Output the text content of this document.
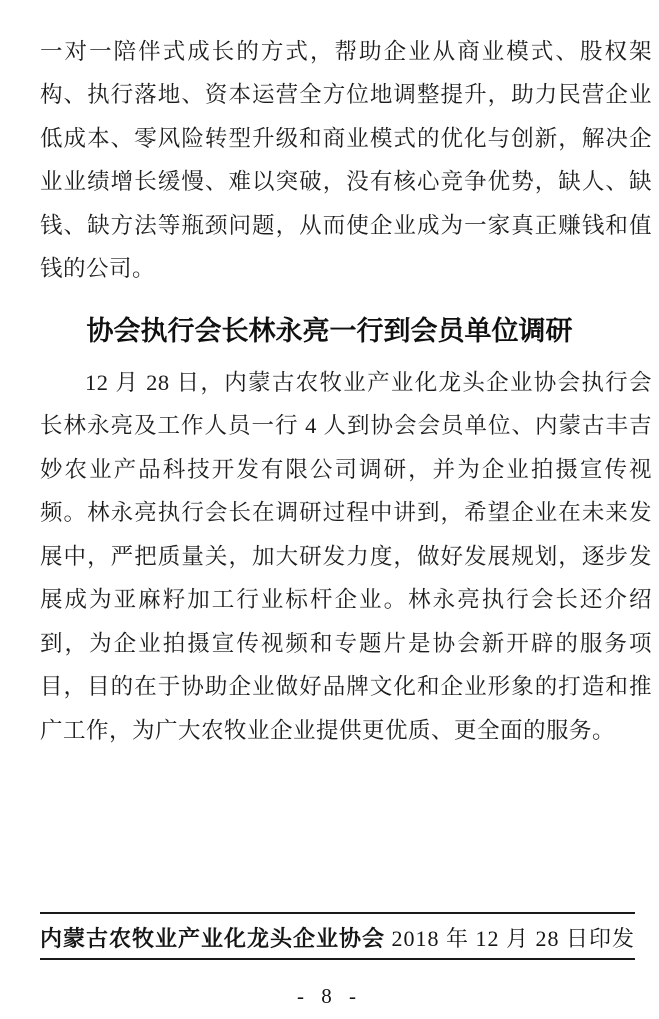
一对一陪伴式成长的方式，帮助企业从商业模式、股权架构、执行落地、资本运营全方位地调整提升，助力民营企业低成本、零风险转型升级和商业模式的优化与创新，解决企业业绩增长缓慢、难以突破，没有核心竞争优势，缺人、缺钱、缺方法等瓶颈问题，从而使企业成为一家真正赚钱和值钱的公司。

协会执行会长林永亮一行到会员单位调研

12 月 28 日，内蒙古农牧业产业化龙头企业协会执行会长林永亮及工作人员一行 4 人到协会会员单位、内蒙古丰吉妙农业产品科技开发有限公司调研，并为企业拍摄宣传视频。林永亮执行会长在调研过程中讲到，希望企业在未来发展中，严把质量关，加大研发力度，做好发展规划，逐步发展成为亚麻籽加工行业标杆企业。林永亮执行会长还介绍到，为企业拍摄宣传视频和专题片是协会新开辟的服务项目，目的在于协助企业做好品牌文化和企业形象的打造和推广工作，为广大农牧业企业提供更优质、更全面的服务。

内蒙古农牧业产业化龙头企业协会 2018 年 12 月 28 日印发
- 8 -
